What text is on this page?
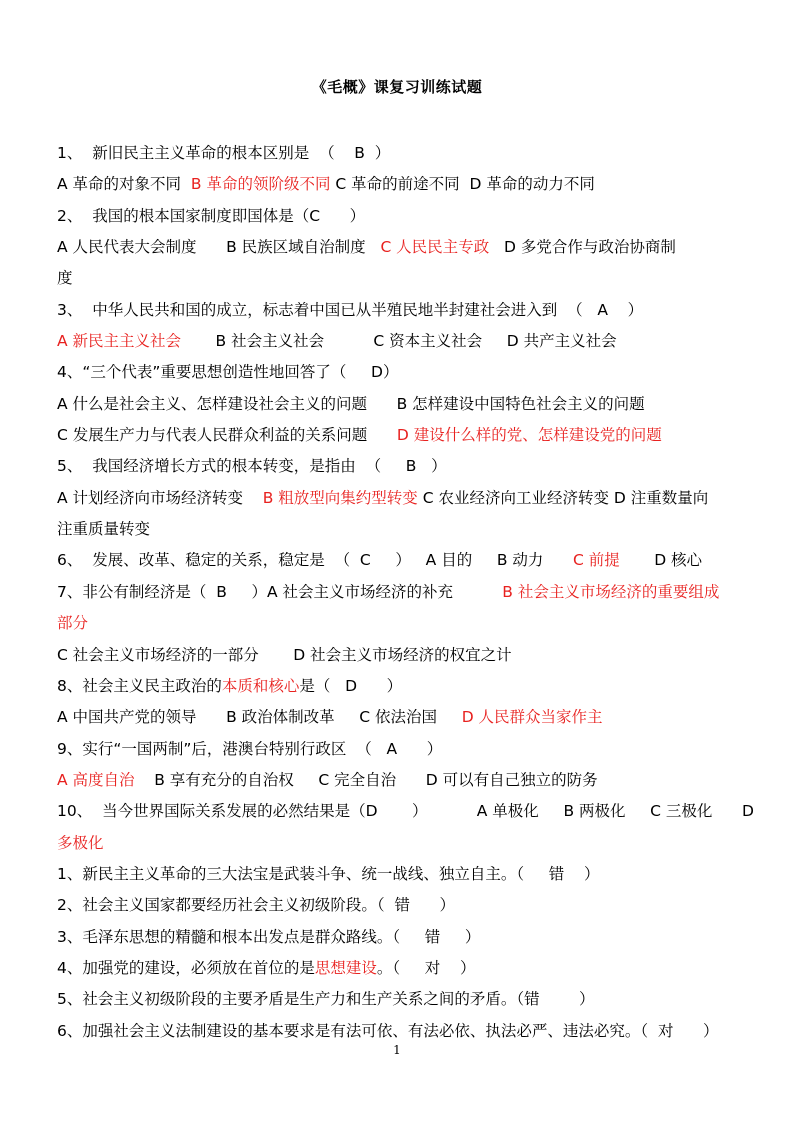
《毛概》课复习训练试题
1、  新旧民主主义革命的根本区别是  （    B  ）
A 革命的对象不同  B 革命的领阶级不同 C 革命的前途不同  D 革命的动力不同
2、  我国的根本国家制度即国体是（C      ）
A 人民代表大会制度      B 民族区域自治制度   C 人民民主专政   D 多党合作与政治协商制
度
3、  中华人民共和国的成立，标志着中国已从半殖民地半封建社会进入到  （   A    ）
A 新民主主义社会       B 社会主义社会          C 资本主义社会     D 共产主义社会
4、“三个代表”重要思想创造性地回答了（     D）
A 什么是社会主义、怎样建设社会主义的问题      B 怎样建设中国特色社会主义的问题
C 发展生产力与代表人民群众利益的关系问题      D 建设什么样的党、怎样建设党的问题
5、  我国经济增长方式的根本转变，是指由  （     B   ）
A 计划经济向市场经济转变    B 粗放型向集约型转变 C 农业经济向工业经济转变 D 注重数量向
注重质量转变
6、  发展、改革、稳定的关系，稳定是  （  C     ）   A 目的     B 动力      C 前提       D 核心
7、非公有制经济是（  B     ）A 社会主义市场经济的补充          B 社会主义市场经济的重要组成
部分
C 社会主义市场经济的一部分       D 社会主义市场经济的权宜之计
8、社会主义民主政治的本质和核心是（   D      ）
A 中国共产党的领导      B 政治体制改革     C 依法治国     D 人民群众当家作主
9、实行“一国两制”后，港澳台特别行政区  （   A      ）
A 高度自治    B 享有充分的自治权     C 完全自治      D 可以有自己独立的防务
10、  当今世界国际关系发展的必然结果是（D       ）          A 单极化     B 两极化     C 三极化      D
多极化
1、新民主主义革命的三大法宝是武装斗争、统一战线、独立自主。（     错    ）
2、社会主义国家都要经历社会主义初级阶段。（  错      ）
3、毛泽东思想的精髓和根本出发点是群众路线。（     错     ）
4、加强党的建设，必须放在首位的是思想建设。（     对    ）
5、社会主义初级阶段的主要矛盾是生产力和生产关系之间的矛盾。（错        ）
6、加强社会主义法制建设的基本要求是有法可依、有法必依、执法必严、违法必究。（  对      ）
1
